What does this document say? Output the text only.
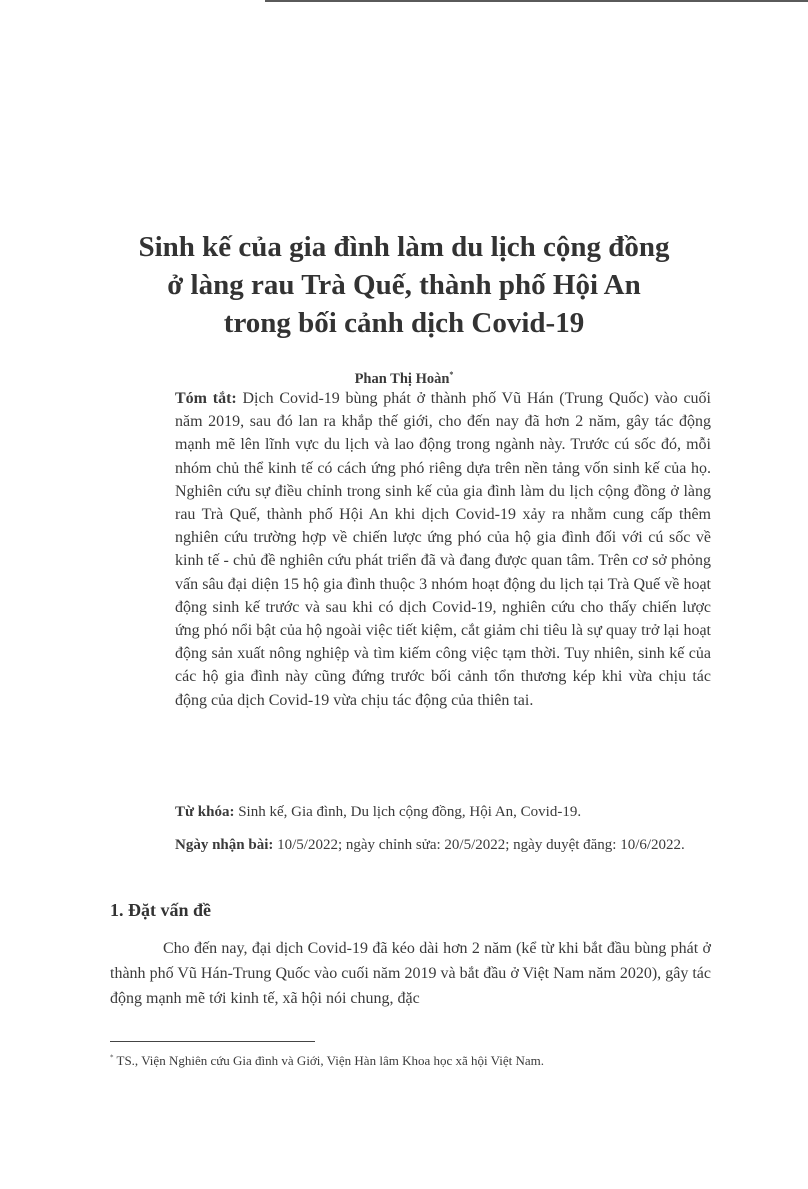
Sinh kế của gia đình làm du lịch cộng đồng
ở làng rau Trà Quế, thành phố Hội An
trong bối cảnh dịch Covid-19
Phan Thị Hoàn*

Tóm tắt: Dịch Covid-19 bùng phát ở thành phố Vũ Hán (Trung Quốc) vào cuối năm 2019, sau đó lan ra khắp thế giới, cho đến nay đã hơn 2 năm, gây tác động mạnh mẽ lên lĩnh vực du lịch và lao động trong ngành này. Trước cú sốc đó, mỗi nhóm chủ thể kinh tế có cách ứng phó riêng dựa trên nền tảng vốn sinh kế của họ. Nghiên cứu sự điều chỉnh trong sinh kế của gia đình làm du lịch cộng đồng ở làng rau Trà Quế, thành phố Hội An khi dịch Covid-19 xảy ra nhằm cung cấp thêm nghiên cứu trường hợp về chiến lược ứng phó của hộ gia đình đối với cú sốc về kinh tế - chủ đề nghiên cứu phát triển đã và đang được quan tâm. Trên cơ sở phỏng vấn sâu đại diện 15 hộ gia đình thuộc 3 nhóm hoạt động du lịch tại Trà Quế về hoạt động sinh kế trước và sau khi có dịch Covid-19, nghiên cứu cho thấy chiến lược ứng phó nổi bật của hộ ngoài việc tiết kiệm, cắt giảm chi tiêu là sự quay trở lại hoạt động sản xuất nông nghiệp và tìm kiếm công việc tạm thời. Tuy nhiên, sinh kế của các hộ gia đình này cũng đứng trước bối cảnh tổn thương kép khi vừa chịu tác động của dịch Covid-19 vừa chịu tác động của thiên tai.

Từ khóa: Sinh kế, Gia đình, Du lịch cộng đồng, Hội An, Covid-19.

Ngày nhận bài: 10/5/2022; ngày chỉnh sửa: 20/5/2022; ngày duyệt đăng: 10/6/2022.

1. Đặt vấn đề

Cho đến nay, đại dịch Covid-19 đã kéo dài hơn 2 năm (kể từ khi bắt đầu bùng phát ở thành phố Vũ Hán-Trung Quốc vào cuối năm 2019 và bắt đầu ở Việt Nam năm 2020), gây tác động mạnh mẽ tới kinh tế, xã hội nói chung, đặc

* TS., Viện Nghiên cứu Gia đình và Giới, Viện Hàn lâm Khoa học xã hội Việt Nam.
